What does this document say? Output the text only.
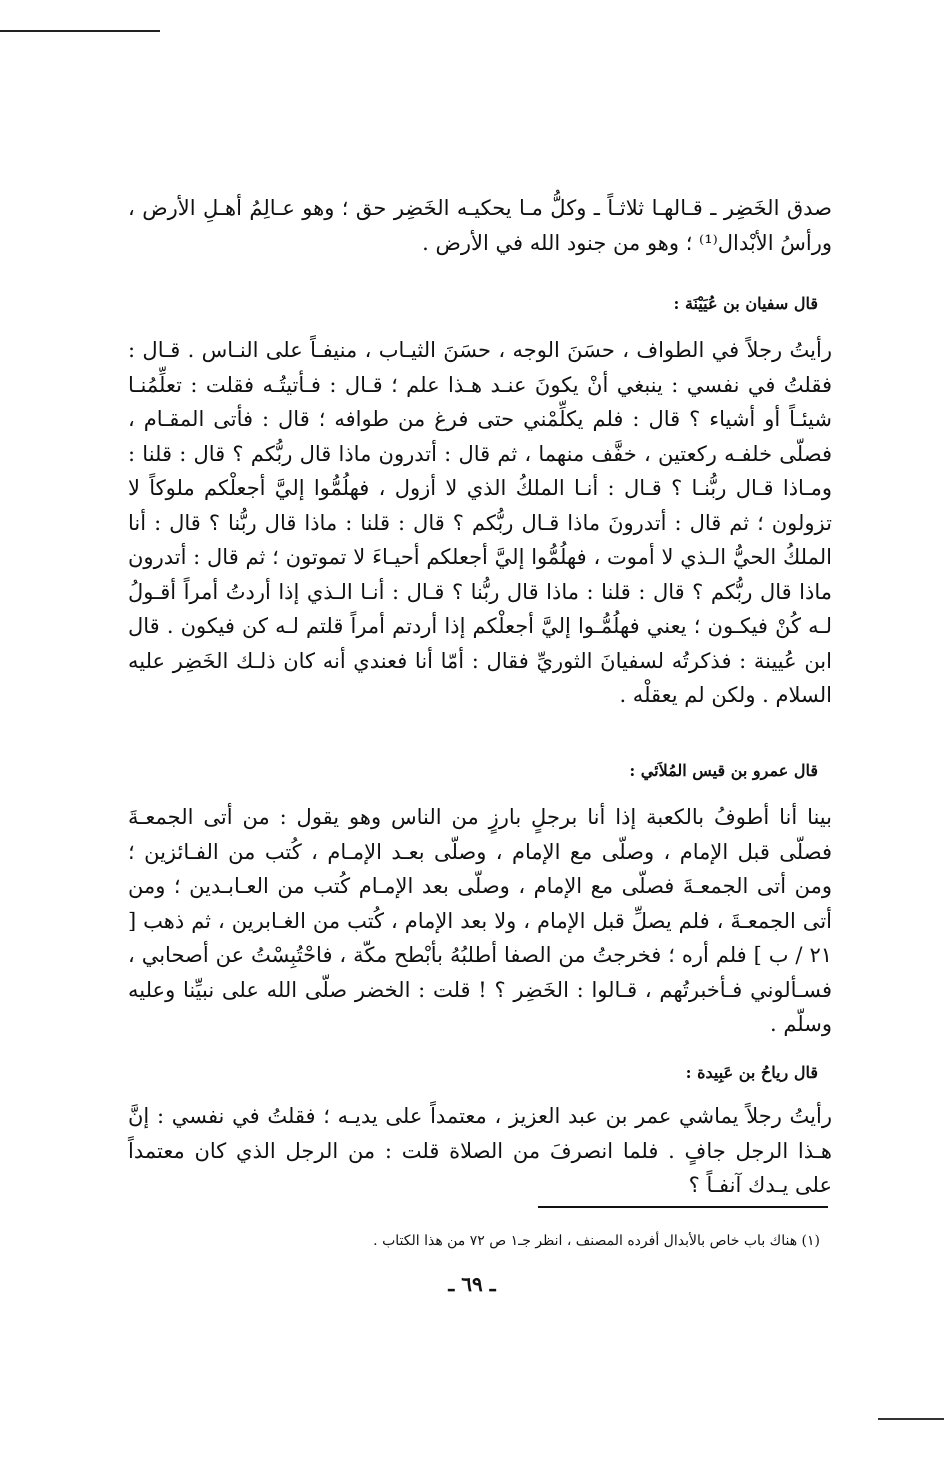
صدق الخَضِر ـ قـالهـا ثلاثـاً ـ وكلُّ مـا يحكيـه الخَضِر حق ؛ وهو عـالِمُ أهـلِ الأرض ، ورأسُ الأبْدال⁽¹⁾ ؛ وهو من جنود الله في الأرض .

قال سفيان بن عُيَيْنَة :

رأيتُ رجلاً في الطواف ، حسَنَ الوجه ، حسَنَ الثيـاب ، منيفـاً على النـاس . قـال : فقلتُ في نفسي : ينبغي أنْ يكونَ عنـد هـذا علم ؛ قـال : فـأتيتُـه فقلت : تعلِّمُنـا شيئـاً أو أشياء ؟ قال : فلم يكلِّمْني حتى فرغ من طوافه ؛ قال : فأتى المقـام ، فصلّى خلفـه ركعتين ، خفَّف منهما ، ثم قال : أتدرون ماذا قال ربُّكم ؟ قال : قلنا : ومـاذا قـال ربُّنـا ؟ قـال : أنـا الملكُ الذي لا أزول ، فهلُمُّوا إليَّ أجعلْكم ملوكاً لا تزولون ؛ ثم قال : أتدرونَ ماذا قـال ربُّكم ؟ قال : قلنا : ماذا قال ربُّنا ؟ قال : أنا الملكُ الحيُّ الـذي لا أموت ، فهلُمُّوا إليَّ أجعلكم أحيـاءَ لا تموتون ؛ ثم قال : أتدرون ماذا قال ربُّكم ؟ قال : قلنا : ماذا قال ربُّنا ؟ قـال : أنـا الـذي إذا أردتُ أمراً أقـولُ لـه كُنْ فيكـون ؛ يعني فهلُمُّـوا إليَّ أجعلْكم إذا أردتم أمراً قلتم لـه كن فيكون . قال ابن عُيينة : فذكرتُه لسفيانَ الثوريِّ فقال : أمّا أنا فعندي أنه كان ذلـك الخَضِر عليه السلام . ولكن لم يعقلْه .

قال عمرو بن قيس المُلاَئي :

بينا أنا أطوفُ بالكعبة إذا أنا برجلٍ بارزٍ من الناس وهو يقول : من أتى الجمعـةَ فصلّى قبل الإمام ، وصلّى مع الإمام ، وصلّى بعـد الإمـام ، كُتب من الفـائزين ؛ ومن أتى الجمعـةَ فصلّى مع الإمام ، وصلّى بعد الإمـام كُتب من العـابـدين ؛ ومن أتى الجمعـةَ ، فلم يصلِّ قبل الإمام ، ولا بعد الإمام ، كُتب من الغـابرين ، ثم ذهب [ ٢١ / ب ] فلم أره ؛ فخرجتُ من الصفا أطلبُهُ بأبْطح مكّة ، فاحْتُبِسْتُ عن أصحابي ، فسـألوني فـأخبرتُهم ، قـالوا : الخَضِر ؟ ! قلت : الخضر صلّى الله على نبيِّنا وعليه وسلّم .

قال رياحُ بن عَبِيدة :

رأيتُ رجلاً يماشي عمر بن عبد العزيز ، معتمداً على يديـه ؛ فقلتُ في نفسي : إنَّ هـذا الرجل جافٍ . فلما انصرفَ من الصلاة قلت : من الرجل الذي كان معتمداً على يـدك آنفـاً ؟

(١) هناك باب خاص بالأبدال أفرده المصنف ، انظر جـ١ ص ٧٢ من هذا الكتاب .

ـ ٦٩ ـ
